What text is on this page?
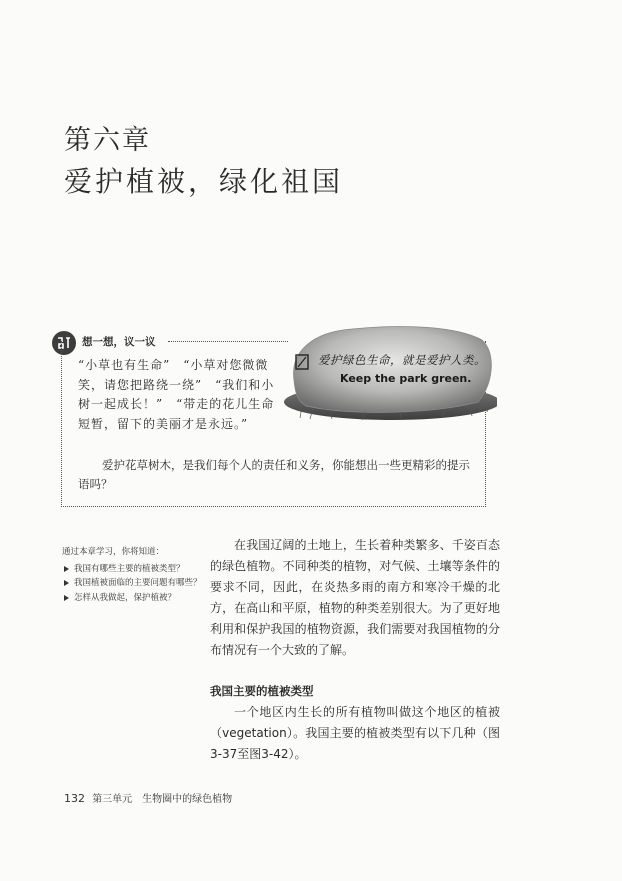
第六章
爱护植被，绿化祖国
想一想，议一议
爱护绿色生命，就是爱护人类。
Keep the park green.
“小草也有生命”　“小草对您微微笑，请您把路绕一绕”　“我们和小树一起成长！”　“带走的花儿生命短暂，留下的美丽才是永远。”
爱护花草树木，是我们每个人的责任和义务，你能想出一些更精彩的提示语吗？

通过本章学习，你将知道：

我国有哪些主要的植被类型？
我国植被面临的主要问题有哪些？
怎样从我做起，保护植被？
在我国辽阔的土地上，生长着种类繁多、千姿百态的绿色植物。不同种类的植物，对气候、土壤等条件的要求不同，因此，在炎热多雨的南方和寒冷干燥的北方，在高山和平原，植物的种类差别很大。为了更好地利用和保护我国的植物资源，我们需要对我国植物的分布情况有一个大致的了解。
我国主要的植被类型
一个地区内生长的所有植物叫做这个地区的植被（vegetation）。我国主要的植被类型有以下几种（图3-37至图3-42）。
132 第三单元　生物圈中的绿色植物
